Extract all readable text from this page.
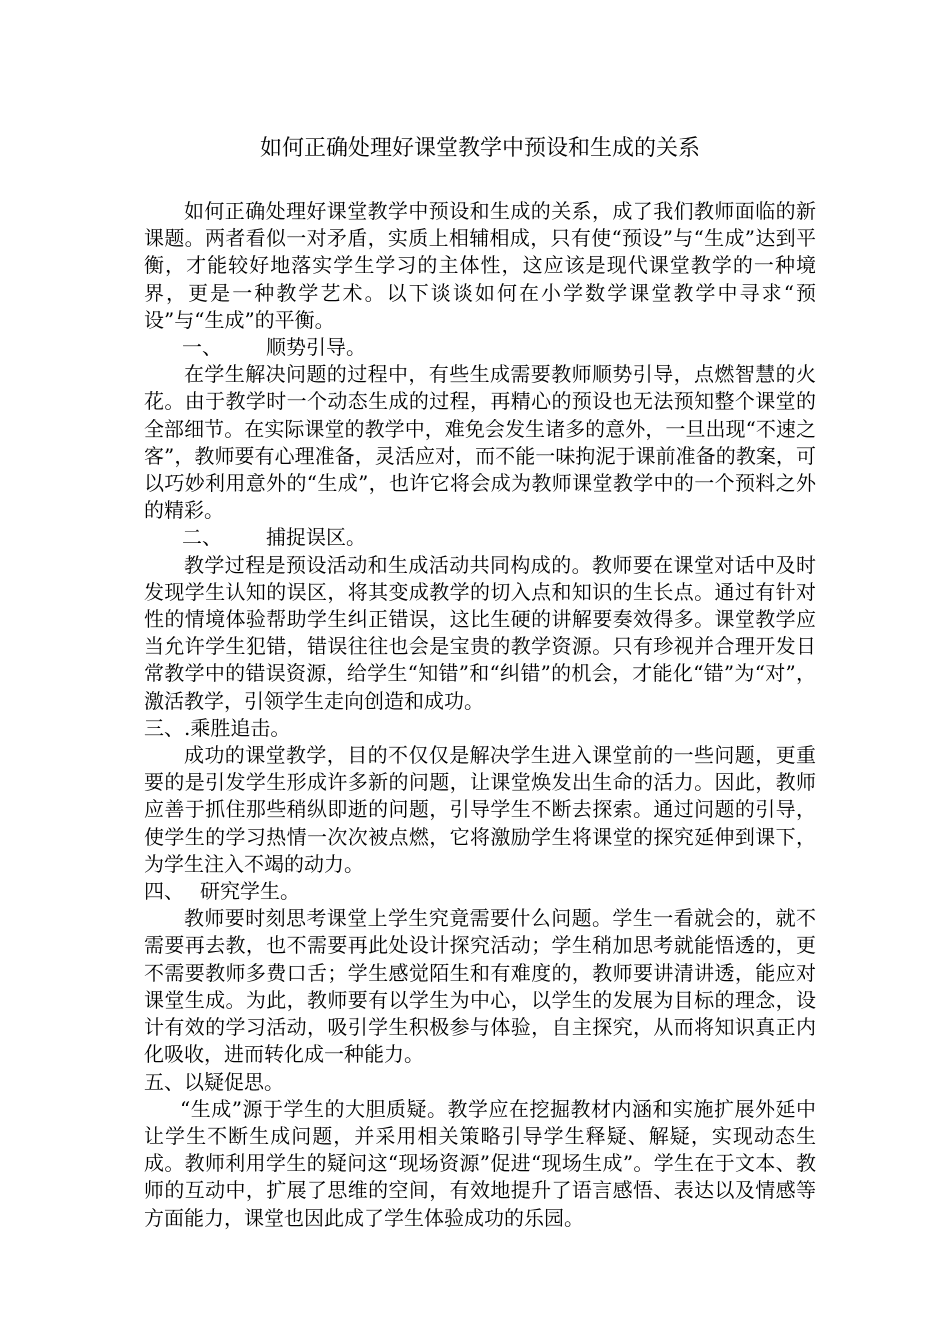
如何正确处理好课堂教学中预设和生成的关系

如何正确处理好课堂教学中预设和生成的关系，成了我们教师面临的新课题。两者看似一对矛盾，实质上相辅相成，只有使“预设”与“生成”达到平衡，才能较好地落实学生学习的主体性，这应该是现代课堂教学的一种境界，更是一种教学艺术。以下谈谈如何在小学数学课堂教学中寻求“预设”与“生成”的平衡。

一、 顺势引导。

在学生解决问题的过程中，有些生成需要教师顺势引导，点燃智慧的火花。由于教学时一个动态生成的过程，再精心的预设也无法预知整个课堂的全部细节。在实际课堂的教学中，难免会发生诸多的意外，一旦出现“不速之客”，教师要有心理准备，灵活应对，而不能一味拘泥于课前准备的教案，可以巧妙利用意外的“生成”，也许它将会成为教师课堂教学中的一个预料之外的精彩。

二、 捕捉误区。

教学过程是预设活动和生成活动共同构成的。教师要在课堂对话中及时发现学生认知的误区，将其变成教学的切入点和知识的生长点。通过有针对性的情境体验帮助学生纠正错误，这比生硬的讲解要奏效得多。课堂教学应当允许学生犯错，错误往往也会是宝贵的教学资源。只有珍视并合理开发日常教学中的错误资源，给学生“知错”和“纠错”的机会，才能化“错”为“对”，激活教学，引领学生走向创造和成功。

三、.乘胜追击。

成功的课堂教学，目的不仅仅是解决学生进入课堂前的一些问题，更重要的是引发学生形成许多新的问题，让课堂焕发出生命的活力。因此，教师应善于抓住那些稍纵即逝的问题，引导学生不断去探索。通过问题的引导，使学生的学习热情一次次被点燃，它将激励学生将课堂的探究延伸到课下，为学生注入不竭的动力。

四、 研究学生。

教师要时刻思考课堂上学生究竟需要什么问题。学生一看就会的，就不需要再去教，也不需要再此处设计探究活动；学生稍加思考就能悟透的，更不需要教师多费口舌；学生感觉陌生和有难度的，教师要讲清讲透，能应对课堂生成。为此，教师要有以学生为中心，以学生的发展为目标的理念，设计有效的学习活动，吸引学生积极参与体验，自主探究，从而将知识真正内化吸收，进而转化成一种能力。

五、以疑促思。

“生成”源于学生的大胆质疑。教学应在挖掘教材内涵和实施扩展外延中让学生不断生成问题，并采用相关策略引导学生释疑、解疑，实现动态生成。教师利用学生的疑问这“现场资源”促进“现场生成”。学生在于文本、教师的互动中，扩展了思维的空间，有效地提升了语言感悟、表达以及情感等方面能力，课堂也因此成了学生体验成功的乐园。
